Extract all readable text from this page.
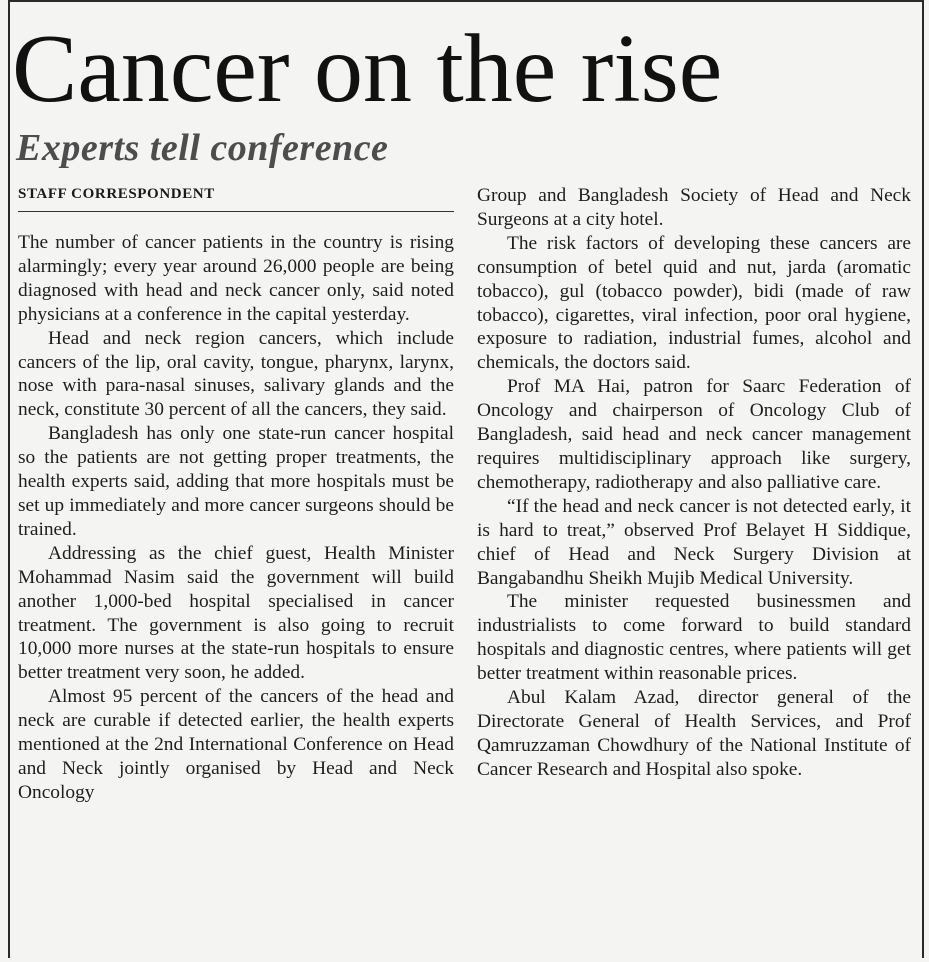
Cancer on the rise
Experts tell conference
STAFF CORRESPONDENT

The number of cancer patients in the country is rising alarmingly; every year around 26,000 people are being diagnosed with head and neck cancer only, said noted physicians at a conference in the capital yesterday.

Head and neck region cancers, which include cancers of the lip, oral cavity, tongue, pharynx, larynx, nose with para-nasal sinuses, salivary glands and the neck, constitute 30 percent of all the cancers, they said.

Bangladesh has only one state-run cancer hospital so the patients are not getting proper treatments, the health experts said, adding that more hospitals must be set up immediately and more cancer surgeons should be trained.

Addressing as the chief guest, Health Minister Mohammad Nasim said the government will build another 1,000-bed hospital specialised in cancer treatment. The government is also going to recruit 10,000 more nurses at the state-run hospitals to ensure better treatment very soon, he added.

Almost 95 percent of the cancers of the head and neck are curable if detected earlier, the health experts mentioned at the 2nd International Conference on Head and Neck jointly organised by Head and Neck Oncology

Group and Bangladesh Society of Head and Neck Surgeons at a city hotel.

The risk factors of developing these cancers are consumption of betel quid and nut, jarda (aromatic tobacco), gul (tobacco powder), bidi (made of raw tobacco), cigarettes, viral infection, poor oral hygiene, exposure to radiation, industrial fumes, alcohol and chemicals, the doctors said.

Prof MA Hai, patron for Saarc Federation of Oncology and chairperson of Oncology Club of Bangladesh, said head and neck cancer management requires multidisciplinary approach like surgery, chemotherapy, radiotherapy and also palliative care.

“If the head and neck cancer is not detected early, it is hard to treat,” observed Prof Belayet H Siddique, chief of Head and Neck Surgery Division at Bangabandhu Sheikh Mujib Medical University.

The minister requested businessmen and industrialists to come forward to build standard hospitals and diagnostic centres, where patients will get better treatment within reasonable prices.

Abul Kalam Azad, director general of the Directorate General of Health Services, and Prof Qamruzzaman Chowdhury of the National Institute of Cancer Research and Hospital also spoke.
